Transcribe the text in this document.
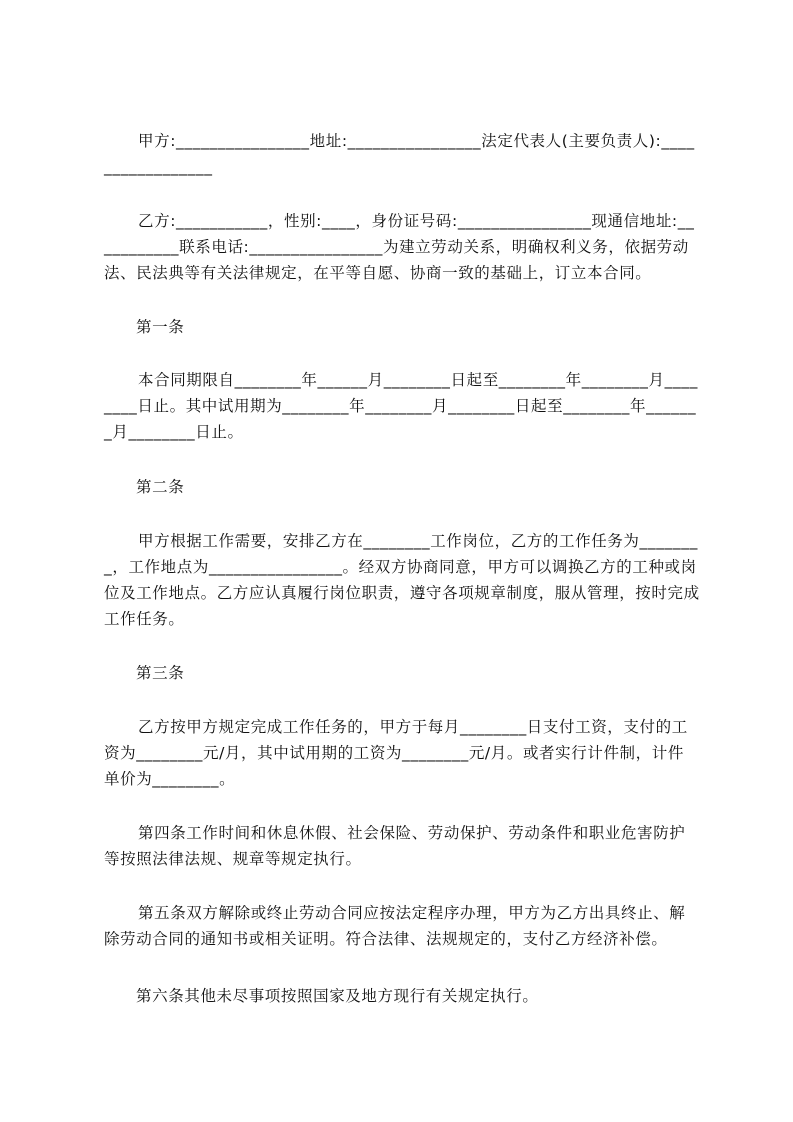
甲方:________________地址:________________法定代表人(主要负责人):_________________

乙方:___________，性别:____，身份证号码:________________现通信地址:___________联系电话:________________为建立劳动关系，明确权利义务，依据劳动法、民法典等有关法律规定，在平等自愿、协商一致的基础上，订立本合同。

第一条

本合同期限自________年______月________日起至________年________月________日止。其中试用期为________年________月________日起至________年_______月________日止。

第二条

甲方根据工作需要，安排乙方在________工作岗位，乙方的工作任务为________，工作地点为________________。经双方协商同意，甲方可以调换乙方的工种或岗位及工作地点。乙方应认真履行岗位职责，遵守各项规章制度，服从管理，按时完成工作任务。

第三条

乙方按甲方规定完成工作任务的，甲方于每月________日支付工资，支付的工资为________元/月，其中试用期的工资为________元/月。或者实行计件制，计件单价为________。

第四条工作时间和休息休假、社会保险、劳动保护、劳动条件和职业危害防护等按照法律法规、规章等规定执行。

第五条双方解除或终止劳动合同应按法定程序办理，甲方为乙方出具终止、解除劳动合同的通知书或相关证明。符合法律、法规规定的，支付乙方经济补偿。

第六条其他未尽事项按照国家及地方现行有关规定执行。
